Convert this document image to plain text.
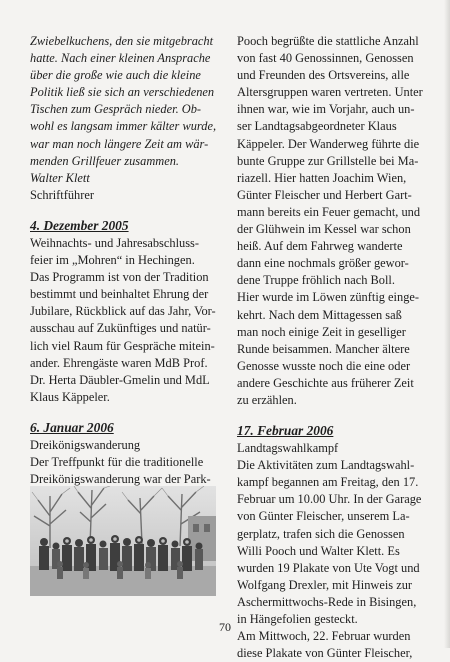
Zwiebelkuchens, den sie mitgebracht

hatte. Nach einer kleinen Ansprache

über die große wie auch die kleine

Politik ließ sie sich an verschiedenen

Tischen zum Gespräch nieder. Ob-

wohl es langsam immer kälter wurde,

war man noch längere Zeit am wär-

menden Grillfeuer zusammen.

Walter Klett

Schriftführer

4. Dezember 2005

Weihnachts- und Jahresabschluss-

feier im „Mohren“ in Hechingen.

Das Programm ist von der Tradition

bestimmt und beinhaltet Ehrung der

Jubilare, Rückblick auf das Jahr, Vor-

ausschau auf Zukünftiges und natür-

lich viel Raum für Gespräche mitein-

ander. Ehrengäste waren MdB Prof.

Dr. Herta Däubler-Gmelin und MdL

Klaus Käppeler.

6. Januar 2006

Dreikönigswanderung

Der Treffpunkt für die traditionelle

Dreikönigswanderung war der Park-

Pooch begrüßte die stattliche Anzahl

von fast 40 Genossinnen, Genossen

und Freunden des Ortsvereins, alle

Altersgruppen waren vertreten. Unter

ihnen war, wie im Vorjahr, auch un-

ser Landtagsabgeordneter Klaus

Käppeler. Der Wanderweg führte die

bunte Gruppe zur Grillstelle bei Ma-

riazell. Hier hatten Joachim Wien,

Günter Fleischer und Herbert Gart-

mann bereits ein Feuer gemacht, und

der Glühwein im Kessel war schon

heiß. Auf dem Fahrweg wanderte

dann eine nochmals größer gewor-

dene Truppe fröhlich nach Boll.

Hier wurde im Löwen zünftig einge-

kehrt. Nach dem Mittagessen saß

man noch einige Zeit in geselliger

Runde beisammen. Mancher ältere

Genosse wusste noch die eine oder

andere Geschichte aus früherer Zeit

zu erzählen.

17. Februar 2006

Landtagswahlkampf

Die Aktivitäten zum Landtagswahl-

kampf begannen am Freitag, den 17.

Februar um 10.00 Uhr. In der Garage

von Günter Fleischer, unserem La-

gerplatz, trafen sich die Genossen

Willi Pooch und Walter Klett. Es

wurden 19 Plakate von Ute Vogt und

Wolfgang Drexler, mit Hinweis zur

Aschermittwochs-Rede in Bisingen,

in Hängefolien gesteckt.

Am Mittwoch, 22. Februar wurden

diese Plakate von Günter Fleischer,

70
